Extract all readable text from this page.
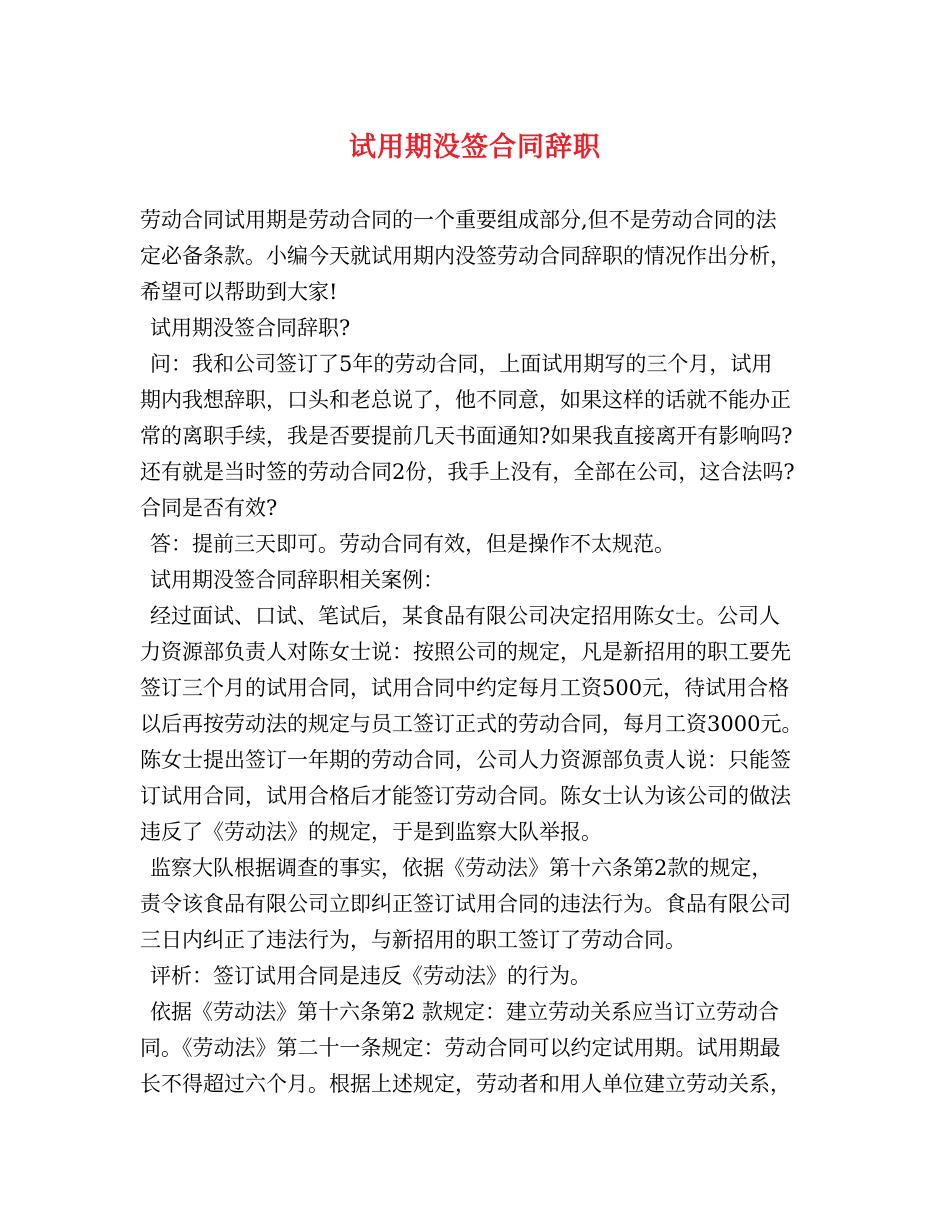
试用期没签合同辞职
劳动合同试用期是劳动合同的一个重要组成部分,但不是劳动合同的法
定必备条款。小编今天就试用期内没签劳动合同辞职的情况作出分析，
希望可以帮助到大家!
试用期没签合同辞职?
问：我和公司签订了5年的劳动合同，上面试用期写的三个月，试用
期内我想辞职，口头和老总说了，他不同意，如果这样的话就不能办正
常的离职手续，我是否要提前几天书面通知?如果我直接离开有影响吗?
还有就是当时签的劳动合同2份，我手上没有，全部在公司，这合法吗?
合同是否有效?
答：提前三天即可。劳动合同有效，但是操作不太规范。
试用期没签合同辞职相关案例：
经过面试、口试、笔试后，某食品有限公司决定招用陈女士。公司人
力资源部负责人对陈女士说：按照公司的规定，凡是新招用的职工要先
签订三个月的试用合同，试用合同中约定每月工资500元，待试用合格
以后再按劳动法的规定与员工签订正式的劳动合同，每月工资3000元。
陈女士提出签订一年期的劳动合同，公司人力资源部负责人说：只能签
订试用合同，试用合格后才能签订劳动合同。陈女士认为该公司的做法
违反了《劳动法》的规定，于是到监察大队举报。
监察大队根据调查的事实，依据《劳动法》第十六条第2款的规定，
责令该食品有限公司立即纠正签订试用合同的违法行为。食品有限公司
三日内纠正了违法行为，与新招用的职工签订了劳动合同。
评析：签订试用合同是违反《劳动法》的行为。
依据《劳动法》第十六条第2 款规定：建立劳动关系应当订立劳动合
同。《劳动法》第二十一条规定：劳动合同可以约定试用期。试用期最
长不得超过六个月。根据上述规定，劳动者和用人单位建立劳动关系，
